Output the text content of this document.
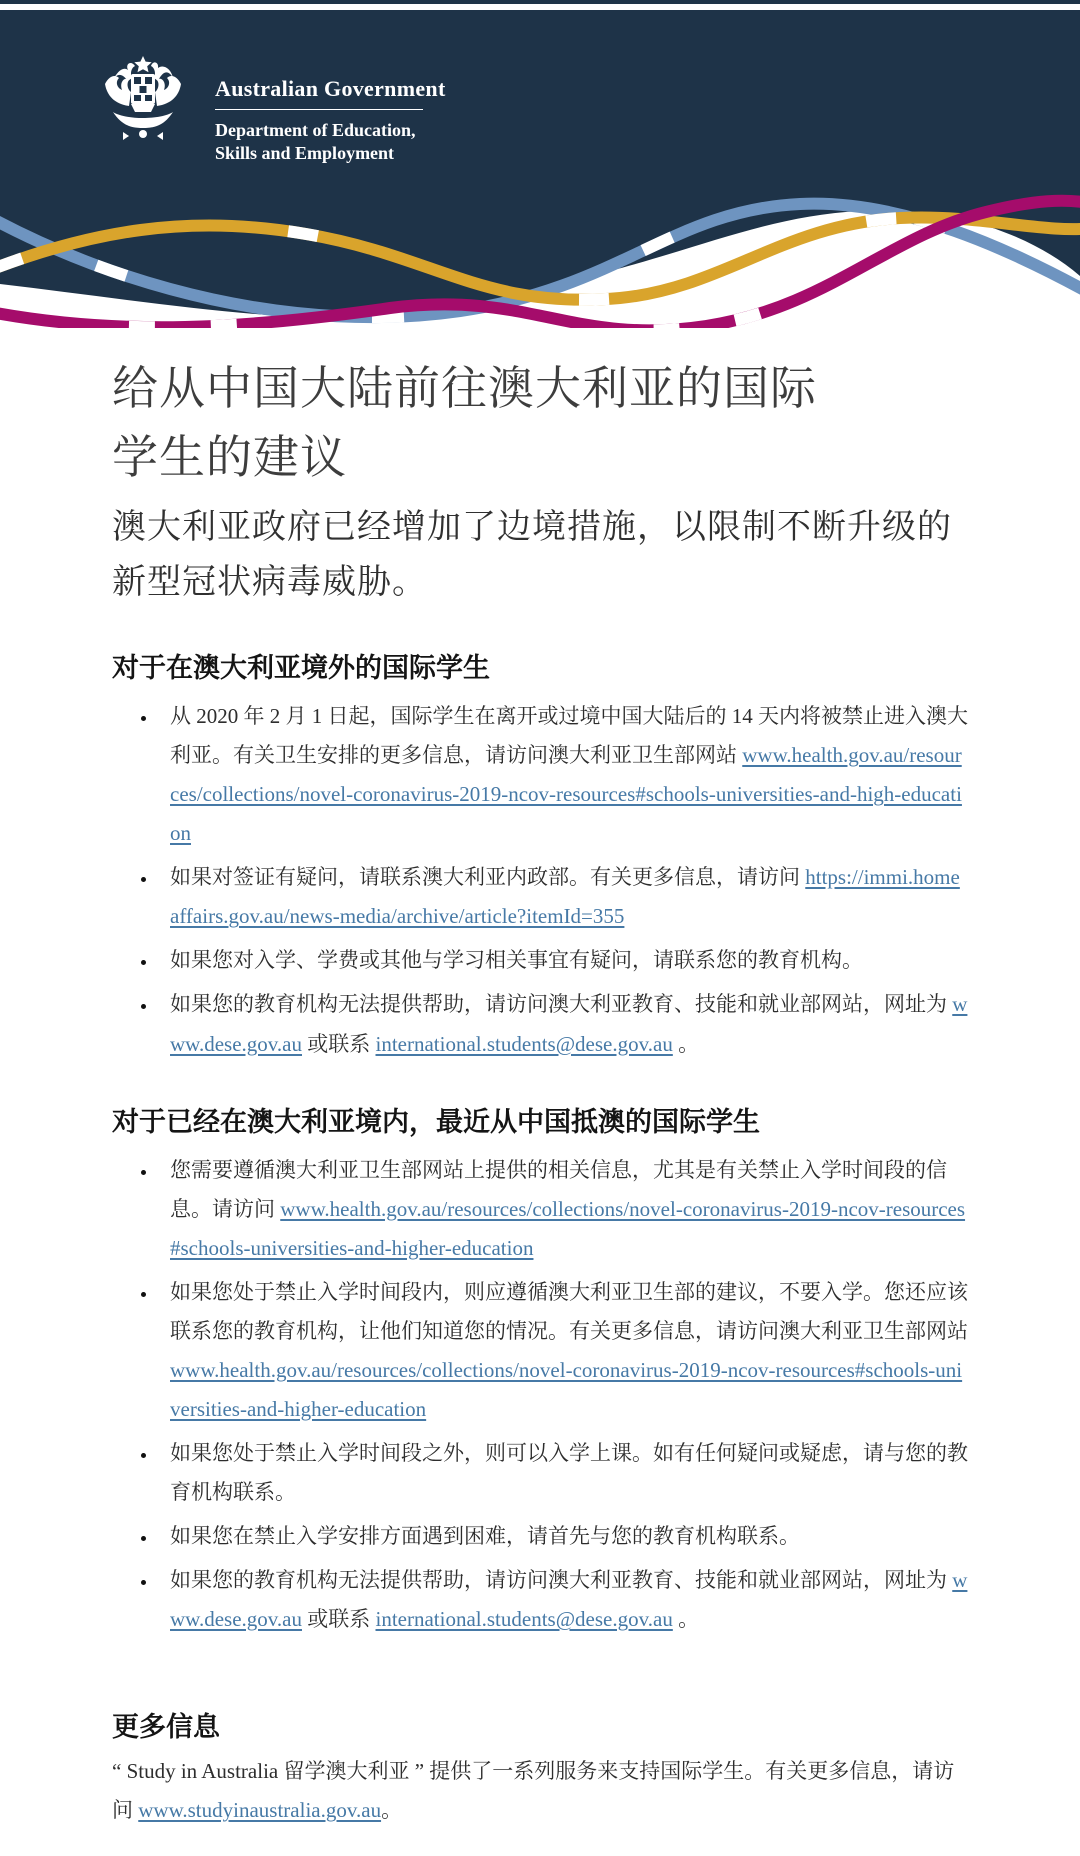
Australian Government
Department of Education,
Skills and Employment
给从中国大陆前往澳大利亚的国际
学生的建议

澳大利亚政府已经增加了边境措施，以限制不断升级的新型冠状病毒威胁。

对于在澳大利亚境外的国际学生
• 从 2020 年 2 月 1 日起，国际学生在离开或过境中国大陆后的 14 天内将被禁止进入澳大利亚。有关卫生安排的更多信息，请访问澳大利亚卫生部网站 www.health.gov.au/resources/collections/novel-coronavirus-2019-ncov-resources#schools-universities-and-high-education
• 如果对签证有疑问，请联系澳大利亚内政部。有关更多信息，请访问 https://immi.homeaffairs.gov.au/news-media/archive/article?itemId=355
• 如果您对入学、学费或其他与学习相关事宜有疑问，请联系您的教育机构。
• 如果您的教育机构无法提供帮助，请访问澳大利亚教育、技能和就业部网站，网址为 www.dese.gov.au 或联系 international.students@dese.gov.au 。
对于已经在澳大利亚境内，最近从中国抵澳的国际学生
• 您需要遵循澳大利亚卫生部网站上提供的相关信息，尤其是有关禁止入学时间段的信息。请访问 www.health.gov.au/resources/collections/novel-coronavirus-2019-ncov-resources#schools-universities-and-higher-education
• 如果您处于禁止入学时间段内，则应遵循澳大利亚卫生部的建议，不要入学。您还应该联系您的教育机构，让他们知道您的情况。有关更多信息，请访问澳大利亚卫生部网站 www.health.gov.au/resources/collections/novel-coronavirus-2019-ncov-resources#schools-universities-and-higher-education
• 如果您处于禁止入学时间段之外，则可以入学上课。如有任何疑问或疑虑，请与您的教育机构联系。
• 如果您在禁止入学安排方面遇到困难，请首先与您的教育机构联系。
• 如果您的教育机构无法提供帮助，请访问澳大利亚教育、技能和就业部网站，网址为 www.dese.gov.au 或联系 international.students@dese.gov.au 。
更多信息

“ Study in Australia 留学澳大利亚 ” 提供了一系列服务来支持国际学生。有关更多信息，请访问 www.studyinaustralia.gov.au。
